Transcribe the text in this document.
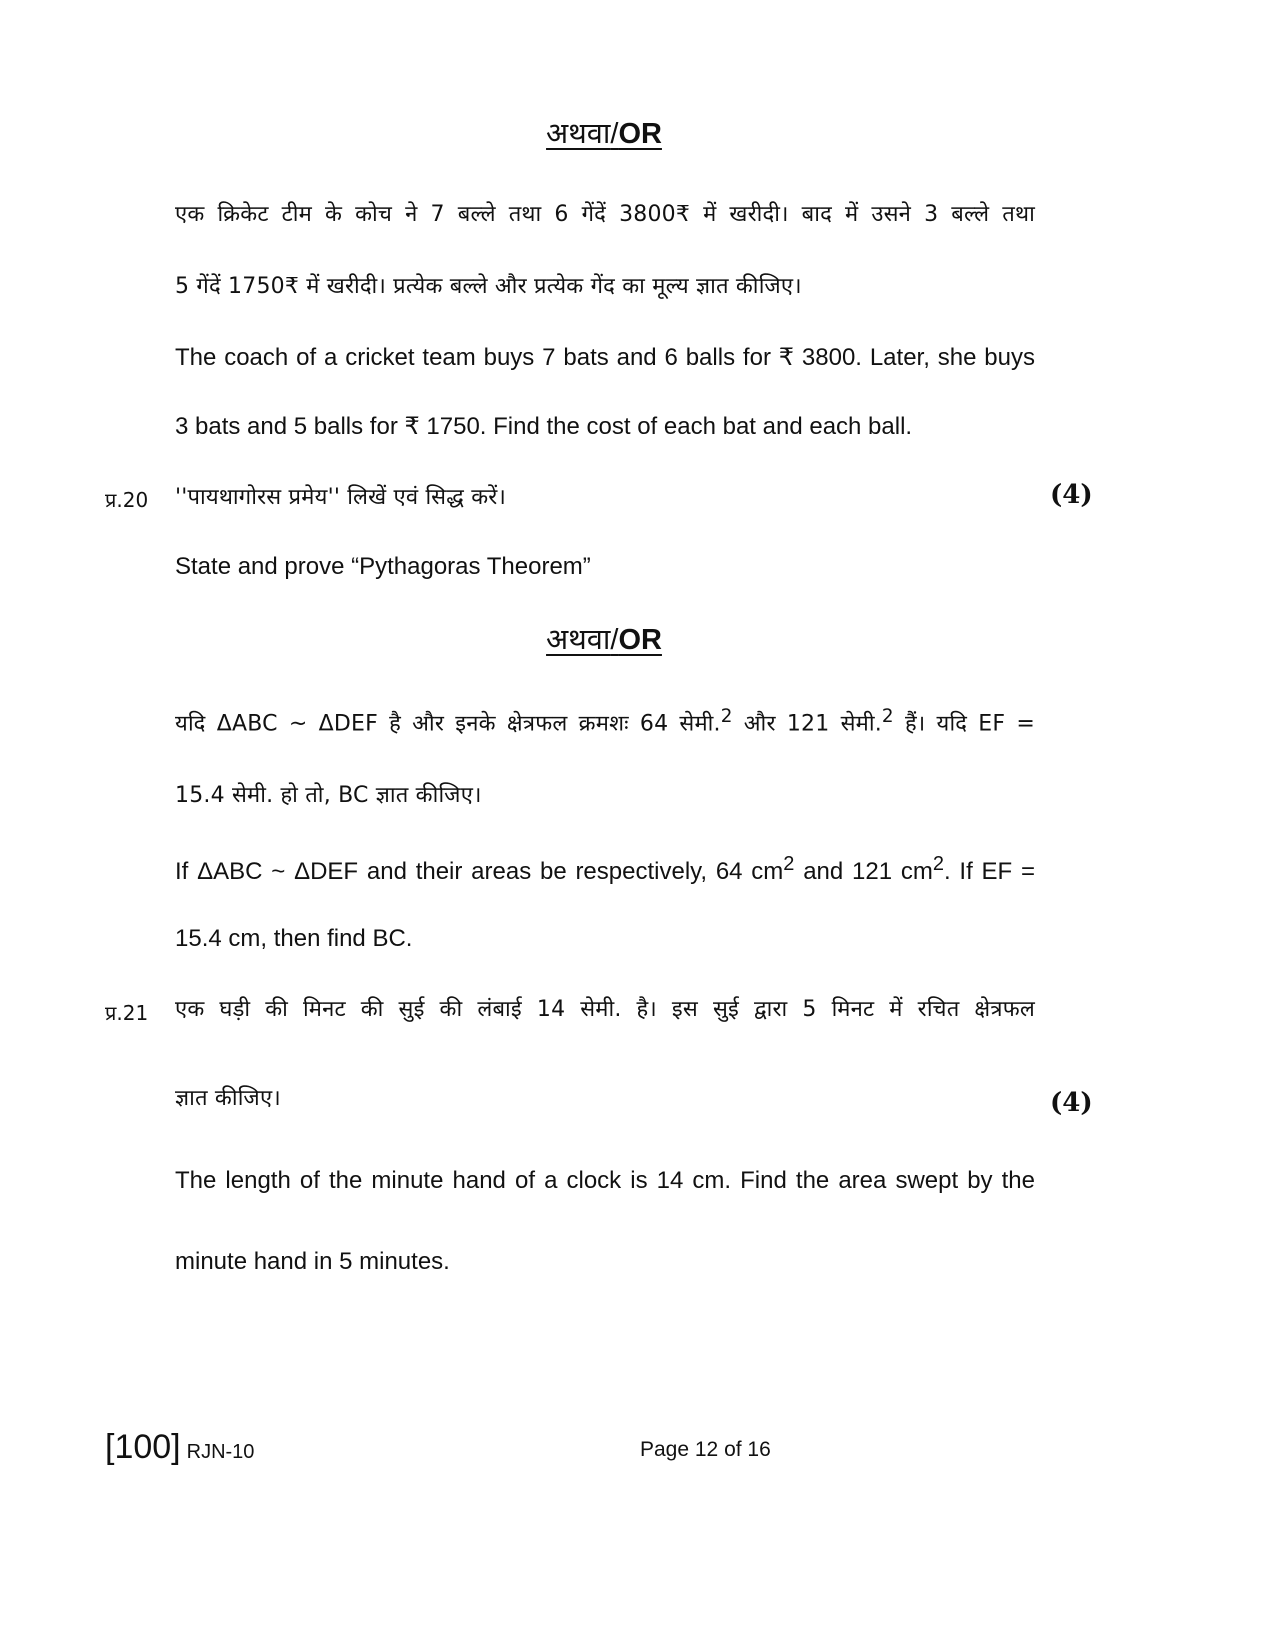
अथवा/OR
एक क्रिकेट टीम के कोच ने 7 बल्ले तथा 6 गेंदें 3800₹ में खरीदी। बाद में उसने 3 बल्ले तथा
5 गेंदें 1750₹ में खरीदी। प्रत्येक बल्ले और प्रत्येक गेंद का मूल्य ज्ञात कीजिए।
The coach of a cricket team buys 7 bats and 6 balls for ₹ 3800. Later, she buys
3 bats and 5 balls for ₹ 1750. Find the cost of each bat and each ball.
प्र.20 ''पायथागोरस प्रमेय'' लिखें एवं सिद्ध करें।	(4)
State and prove “Pythagoras Theorem”
अथवा/OR
यदि ΔABC ~ ΔDEF है और इनके क्षेत्रफल क्रमशः 64 सेमी.$^2$ और 121 सेमी.$^2$ हैं। यदि EF =
15.4 सेमी. हो तो, BC ज्ञात कीजिए।
If ΔABC ~ ΔDEF and their areas be respectively, 64 $cm^2$ and 121 $cm^2$. If EF =
15.4 cm, then find BC.
प्र.21 एक घड़ी की मिनट की सुई की लंबाई 14 सेमी. है। इस सुई द्वारा 5 मिनट में रचित क्षेत्रफल
ज्ञात कीजिए।	(4)
The length of the minute hand of a clock is 14 cm. Find the area swept by the
minute hand in 5 minutes.
[100] RJN-10	Page 12 of 16
